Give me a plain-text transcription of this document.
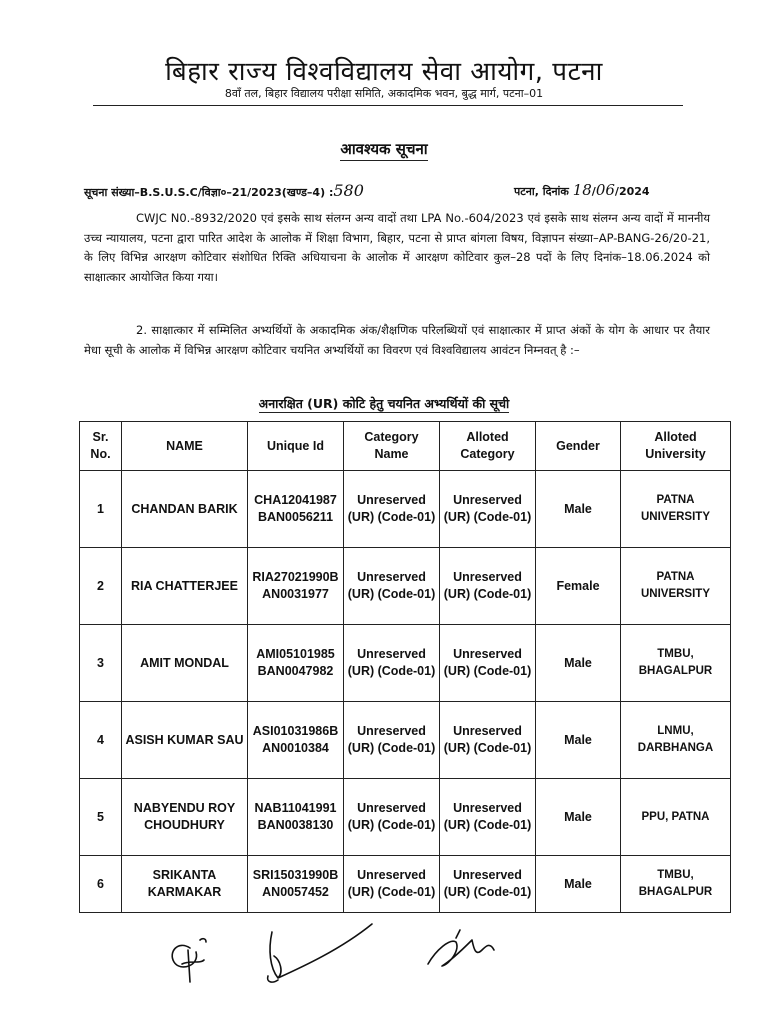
बिहार राज्य विश्वविद्यालय सेवा आयोग, पटना
8वाँ तल, बिहार विद्यालय परीक्षा समिति, अकादमिक भवन, बुद्ध मार्ग, पटना–01
आवश्यक सूचना
सूचना संख्या–B.S.U.S.C/विज्ञा०–21/2023(खण्ड–4) :580	पटना, दिनांक 18/06/2024

CWJC N0.-8932/2020 एवं इसके साथ संलग्न अन्य वादों तथा LPA No.-604/2023 एवं इसके साथ संलग्न अन्य वादों में माननीय उच्च न्यायालय, पटना द्वारा पारित आदेश के आलोक में शिक्षा विभाग, बिहार, पटना से प्राप्त बांगला विषय, विज्ञापन संख्या–AP-BANG-26/20-21, के लिए विभिन्न आरक्षण कोटिवार संशोधित रिक्ति अधियाचना के आलोक में आरक्षण कोटिवार कुल–28 पदों के लिए दिनांक–18.06.2024 को साक्षात्कार आयोजित किया गया।

2. साक्षात्कार में सम्मिलित अभ्यर्थियों के अकादमिक अंक/शैक्षणिक परिलब्धियों एवं साक्षात्कार में प्राप्त अंकों के योग के आधार पर तैयार मेधा सूची के आलोक में विभिन्न आरक्षण कोटिवार चयनित अभ्यर्थियों का विवरण एवं विश्वविद्यालय आवंटन निम्नवत् है :–

अनारक्षित (UR) कोटि हेतु चयनित अभ्यर्थियों की सूची
Sr. No.	NAME	Unique Id	Category Name	Alloted Category	Gender	Alloted University
1	CHANDAN BARIK	CHA12041987 BAN0056211	Unreserved (UR) (Code-01)	Unreserved (UR) (Code-01)	Male	PATNA UNIVERSITY
2	RIA CHATTERJEE	RIA27021990BAN0031977	Unreserved (UR) (Code-01)	Unreserved (UR) (Code-01)	Female	PATNA UNIVERSITY
3	AMIT MONDAL	AMI05101985 BAN0047982	Unreserved (UR) (Code-01)	Unreserved (UR) (Code-01)	Male	TMBU, BHAGALPUR
4	ASISH KUMAR SAU	ASI01031986BAN0010384	Unreserved (UR) (Code-01)	Unreserved (UR) (Code-01)	Male	LNMU, DARBHANGA
5	NABYENDU ROY CHOUDHURY	NAB11041991 BAN0038130	Unreserved (UR) (Code-01)	Unreserved (UR) (Code-01)	Male	PPU, PATNA
6	SRIKANTA KARMAKAR	SRI15031990BAN0057452	Unreserved (UR) (Code-01)	Unreserved (UR) (Code-01)	Male	TMBU, BHAGALPUR
